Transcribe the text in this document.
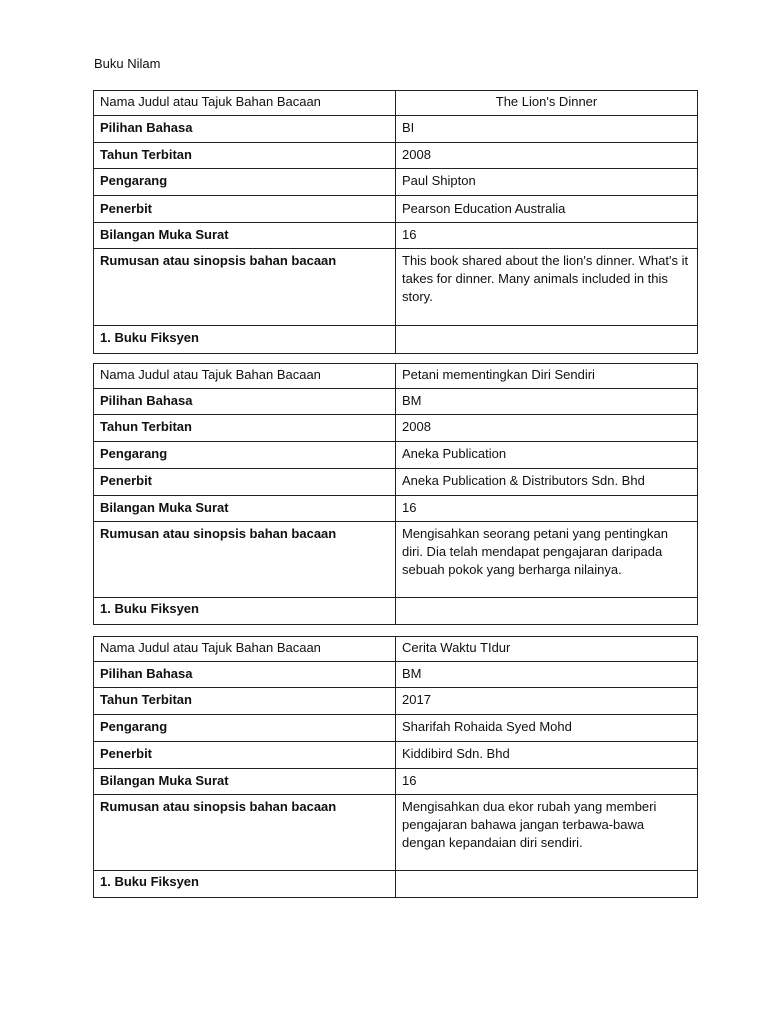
Buku Nilam
Nama Judul atau Tajuk Bahan Bacaan	The Lion's Dinner
Pilihan Bahasa	BI
Tahun Terbitan	2008
Pengarang	Paul Shipton
Penerbit	Pearson Education Australia
Bilangan Muka Surat	16
Rumusan atau sinopsis bahan bacaan	This book shared about the lion's dinner. What's it takes for dinner. Many animals included in this story.
1. Buku Fiksyen	
Nama Judul atau Tajuk Bahan Bacaan	Petani mementingkan Diri Sendiri
Pilihan Bahasa	BM
Tahun Terbitan	2008
Pengarang	Aneka Publication
Penerbit	Aneka Publication & Distributors Sdn. Bhd
Bilangan Muka Surat	16
Rumusan atau sinopsis bahan bacaan	Mengisahkan seorang petani yang pentingkan diri. Dia telah mendapat pengajaran daripada sebuah pokok yang berharga nilainya.
1. Buku Fiksyen	
Nama Judul atau Tajuk Bahan Bacaan	Cerita Waktu TIdur
Pilihan Bahasa	BM
Tahun Terbitan	2017
Pengarang	Sharifah Rohaida Syed Mohd
Penerbit	Kiddibird Sdn. Bhd
Bilangan Muka Surat	16
Rumusan atau sinopsis bahan bacaan	Mengisahkan dua ekor rubah yang memberi pengajaran bahawa jangan terbawa-bawa dengan kepandaian diri sendiri.
1. Buku Fiksyen	
